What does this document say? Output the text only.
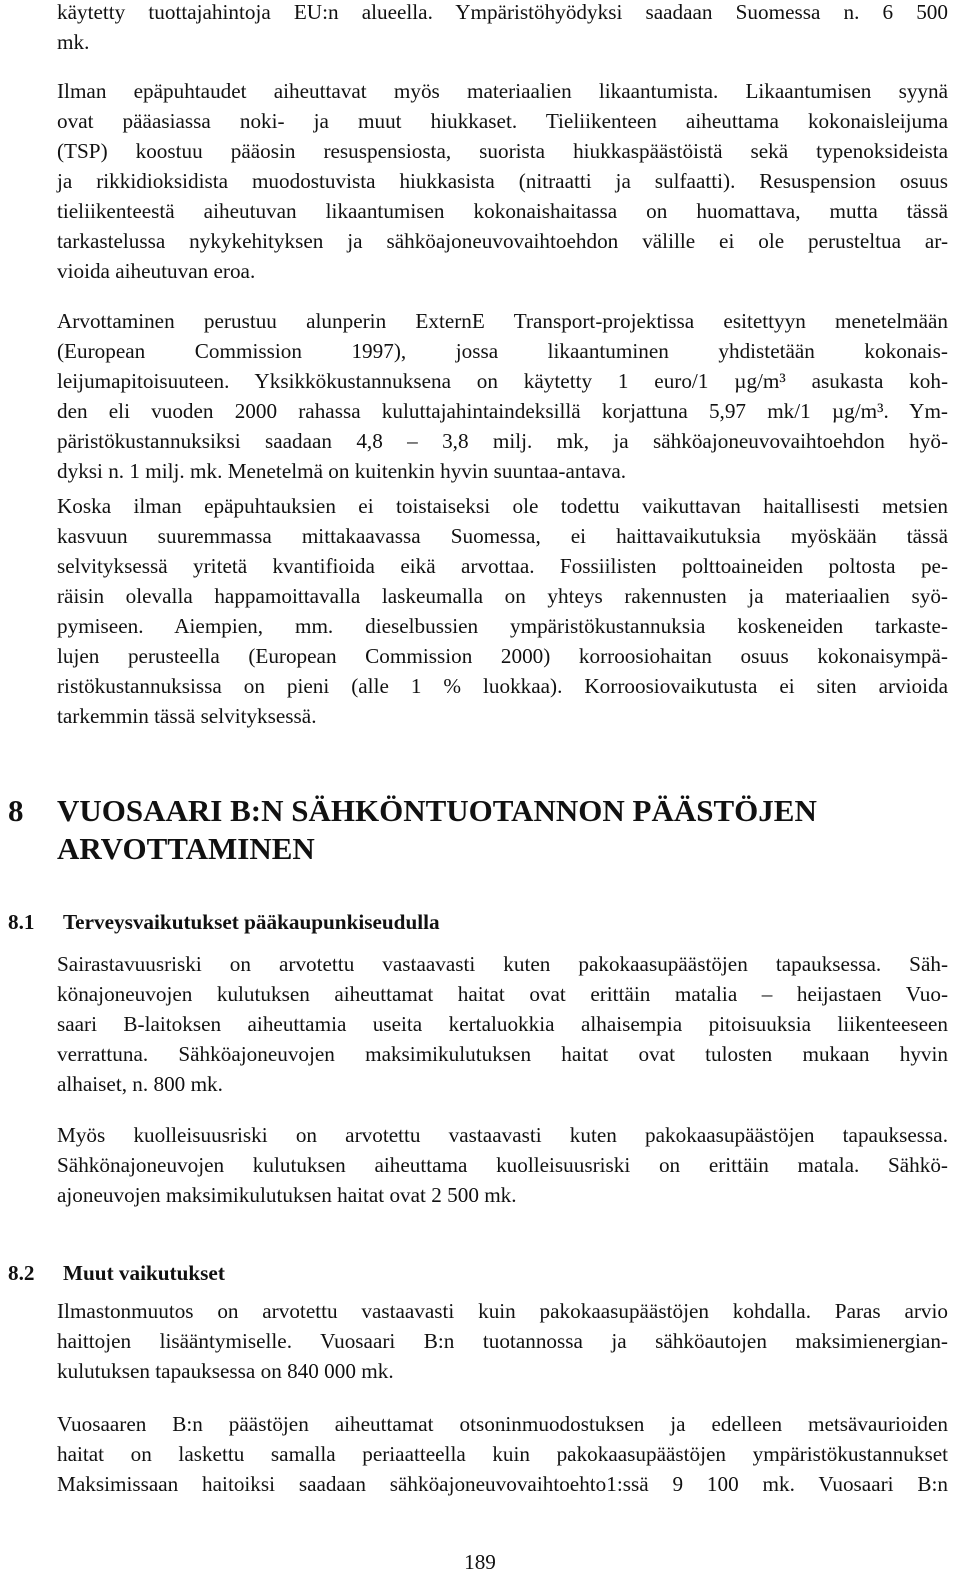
käytetty tuottajahintoja EU:n alueella. Ympäristöhyödyksi saadaan Suomessa n. 6 500
mk.
Ilman epäpuhtaudet aiheuttavat myös materiaalien likaantumista. Likaantumisen syynä
ovat pääasiassa noki- ja muut hiukkaset. Tieliikenteen aiheuttama kokonaisleijuma
(TSP) koostuu pääosin resuspensiosta, suorista hiukkaspäästöistä sekä typenoksideista
ja rikkidioksidista muodostuvista hiukkasista (nitraatti ja sulfaatti). Resuspension osuus
tieliikenteestä aiheutuvan likaantumisen kokonaishaitassa on huomattava, mutta tässä
tarkastelussa nykykehityksen ja sähköajoneuvovaihtoehdon välille ei ole perusteltua ar-
vioida aiheutuvan eroa.
Arvottaminen perustuu alunperin ExternE Transport-projektissa esitettyyn menetelmään
(European Commission 1997), jossa likaantuminen yhdistetään kokonais-
leijumapitoisuuteen. Yksikkökustannuksena on käytetty 1 euro/1 µg/m³ asukasta koh-
den eli vuoden 2000 rahassa kuluttajahintaindeksillä korjattuna 5,97 mk/1 µg/m³. Ym-
päristökustannuksiksi saadaan 4,8 – 3,8 milj. mk, ja sähköajoneuvovaihtoehdon hyö-
dyksi n. 1 milj. mk. Menetelmä on kuitenkin hyvin suuntaa-antava.
Koska ilman epäpuhtauksien ei toistaiseksi ole todettu vaikuttavan haitallisesti metsien
kasvuun suuremmassa mittakaavassa Suomessa, ei haittavaikutuksia myöskään tässä
selvityksessä yritetä kvantifioida eikä arvottaa. Fossiilisten polttoaineiden poltosta pe-
räisin olevalla happamoittavalla laskeumalla on yhteys rakennusten ja materiaalien syö-
pymiseen. Aiempien, mm. dieselbussien ympäristökustannuksia koskeneiden tarkaste-
lujen perusteella (European Commission 2000) korroosiohaitan osuus kokonaisympä-
ristökustannuksissa on pieni (alle 1 % luokkaa). Korroosiovaikutusta ei siten arvioida
tarkemmin tässä selvityksessä.
8 VUOSAARI B:N SÄHKÖNTUOTANNON PÄÄSTÖJEN
ARVOTTAMINEN
8.1 Terveysvaikutukset pääkaupunkiseudulla
Sairastavuusriski on arvotettu vastaavasti kuten pakokaasupäästöjen tapauksessa. Säh-
könajoneuvojen kulutuksen aiheuttamat haitat ovat erittäin matalia – heijastaen Vuo-
saari B-laitoksen aiheuttamia useita kertaluokkia alhaisempia pitoisuuksia liikenteeseen
verrattuna. Sähköajoneuvojen maksimikulutuksen haitat ovat tulosten mukaan hyvin
alhaiset, n. 800 mk.
Myös kuolleisuusriski on arvotettu vastaavasti kuten pakokaasupäästöjen tapauksessa.
Sähkönajoneuvojen kulutuksen aiheuttama kuolleisuusriski on erittäin matala. Sähkö-
ajoneuvojen maksimikulutuksen haitat ovat 2 500 mk.
8.2 Muut vaikutukset
Ilmastonmuutos on arvotettu vastaavasti kuin pakokaasupäästöjen kohdalla. Paras arvio
haittojen lisääntymiselle. Vuosaari B:n tuotannossa ja sähköautojen maksimienergian-
kulutuksen tapauksessa on 840 000 mk.
Vuosaaren B:n päästöjen aiheuttamat otsoninmuodostuksen ja edelleen metsävaurioiden
haitat on laskettu samalla periaatteella kuin pakokaasupäästöjen ympäristökustannukset
Maksimissaan haitoiksi saadaan sähköajoneuvovaihtoehto1:ssä 9 100 mk. Vuosaari B:n
189
